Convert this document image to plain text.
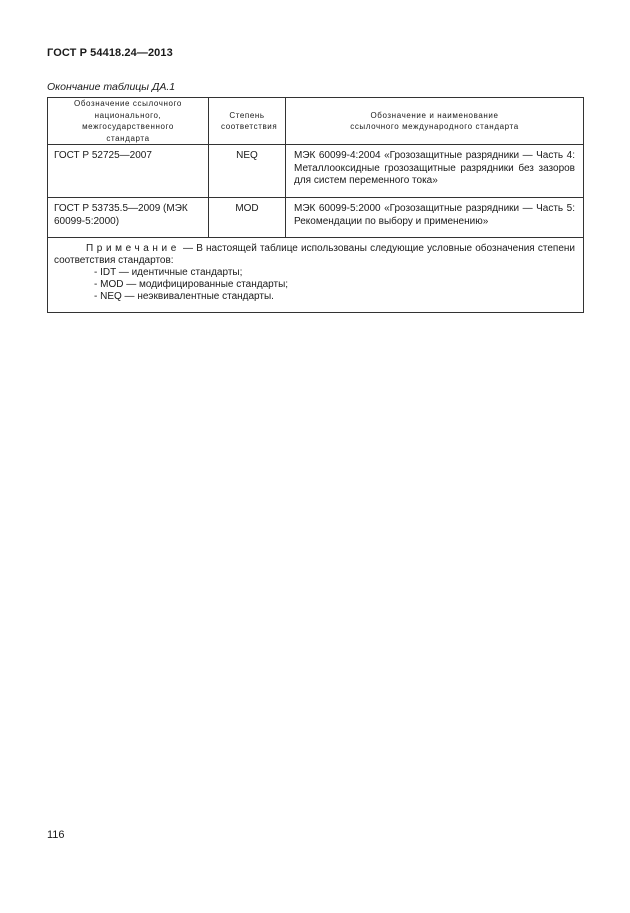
ГОСТ Р 54418.24—2013
Окончание таблицы ДА.1
Обозначение ссылочного национального, межгосударственного стандарта	Степень соответствия	Обозначение и наименование ссылочного международного стандарта
ГОСТ Р 52725—2007	NEQ	МЭК 60099-4:2004 «Грозозащитные разрядники — Часть 4: Металлооксидные грозозащитные разрядники без зазоров для систем переменного тока»
ГОСТ Р 53735.5—2009 (МЭК 60099-5:2000)	MOD	МЭК 60099-5:2000 «Грозозащитные разрядники — Часть 5: Рекомендации по выбору и применению»

Примечание — В настоящей таблице использованы следующие условные обозначения степени соответствия стандартов:
- IDT — идентичные стандарты;
- MOD — модифицированные стандарты;
- NEQ — неэквивалентные стандарты.		
116
